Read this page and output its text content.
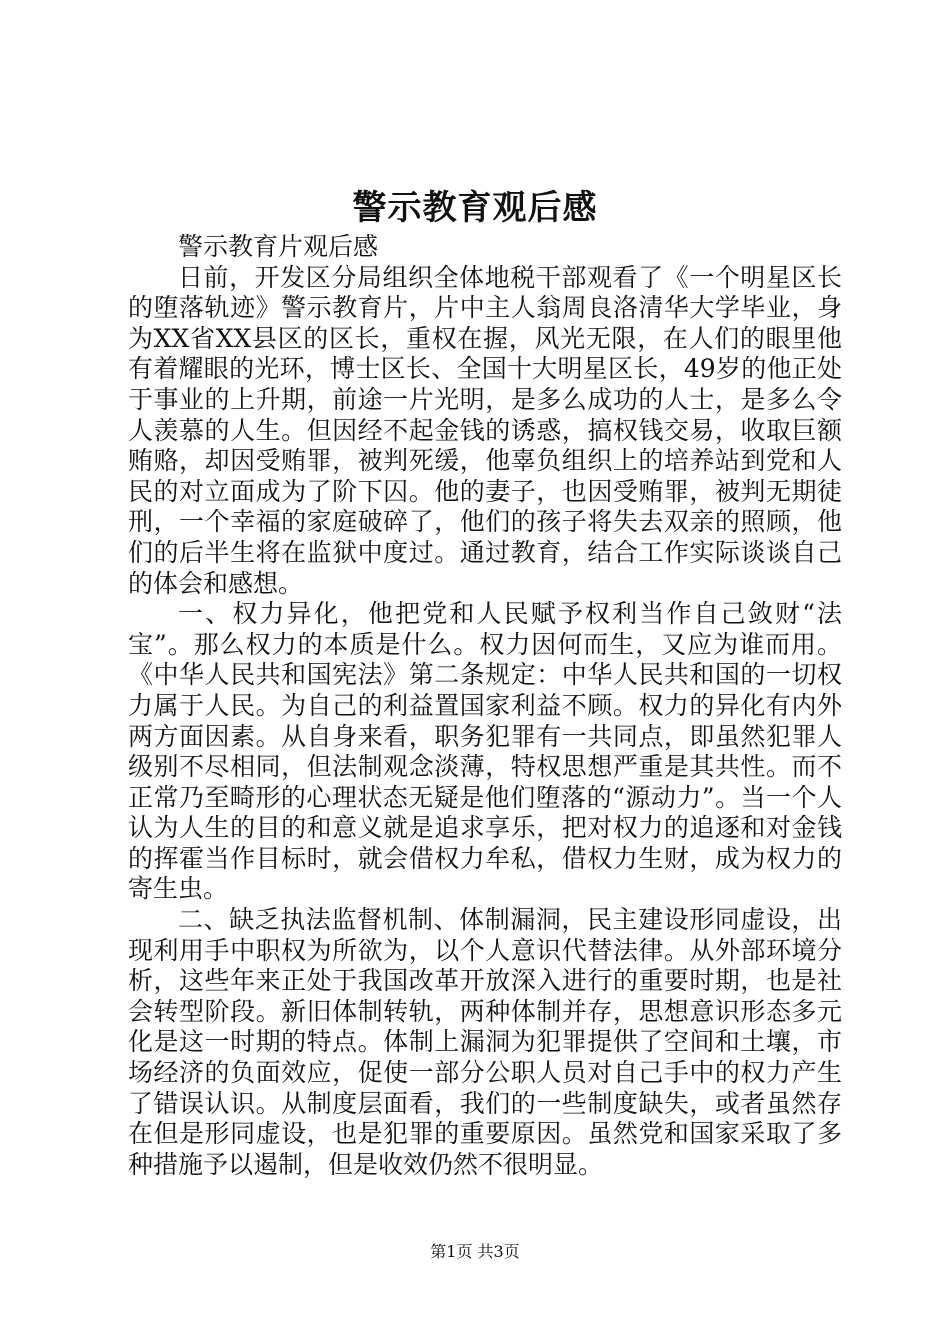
警示教育观后感

警示教育片观后感

日前，开发区分局组织全体地税干部观看了《一个明星区长的堕落轨迹》警示教育片，片中主人翁周良洛清华大学毕业，身为XX省XX县区的区长，重权在握，风光无限，在人们的眼里他有着耀眼的光环，博士区长、全国十大明星区长，49岁的他正处于事业的上升期，前途一片光明，是多么成功的人士，是多么令人羡慕的人生。但因经不起金钱的诱惑，搞权钱交易，收取巨额贿赂，却因受贿罪，被判死缓，他辜负组织上的培养站到党和人民的对立面成为了阶下囚。他的妻子，也因受贿罪，被判无期徒刑，一个幸福的家庭破碎了，他们的孩子将失去双亲的照顾，他们的后半生将在监狱中度过。通过教育，结合工作实际谈谈自己的体会和感想。

一、权力异化，他把党和人民赋予权利当作自己敛财“法宝”。那么权力的本质是什么。权力因何而生，又应为谁而用。《中华人民共和国宪法》第二条规定：中华人民共和国的一切权力属于人民。为自己的利益置国家利益不顾。权力的异化有内外两方面因素。从自身来看，职务犯罪有一共同点，即虽然犯罪人级别不尽相同，但法制观念淡薄，特权思想严重是其共性。而不正常乃至畸形的心理状态无疑是他们堕落的“源动力”。当一个人认为人生的目的和意义就是追求享乐，把对权力的追逐和对金钱的挥霍当作目标时，就会借权力牟私，借权力生财，成为权力的寄生虫。

二、缺乏执法监督机制、体制漏洞，民主建设形同虚设，出现利用手中职权为所欲为，以个人意识代替法律。从外部环境分析，这些年来正处于我国改革开放深入进行的重要时期，也是社会转型阶段。新旧体制转轨，两种体制并存，思想意识形态多元化是这一时期的特点。体制上漏洞为犯罪提供了空间和土壤，市场经济的负面效应，促使一部分公职人员对自己手中的权力产生了错误认识。从制度层面看，我们的一些制度缺失，或者虽然存在但是形同虚设，也是犯罪的重要原因。虽然党和国家采取了多种措施予以遏制，但是收效仍然不很明显。

第1页 共3页
